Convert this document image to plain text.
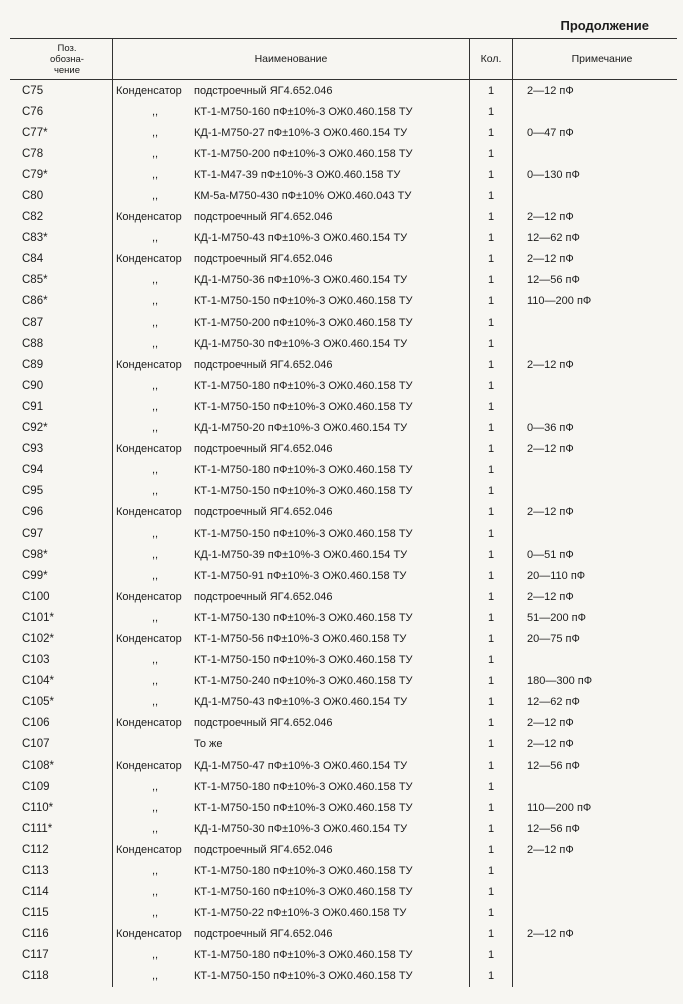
Продолжение
Поз.
обозна-
чение	Наименование	Кол.	Примечание
С75	Конденсатор подстроечный ЯГ4.652.046	1	2—12 пФ
С76	,, КТ-1-М750-160 пФ±10%-3 ОЖ0.460.158 ТУ	1	
С77*	,, КД-1-М750-27 пФ±10%-3 ОЖ0.460.154 ТУ	1	0—47 пФ
С78	,, КТ-1-М750-200 пФ±10%-3 ОЖ0.460.158 ТУ	1	
С79*	,, КТ-1-М47-39 пФ±10%-3 ОЖ0.460.158 ТУ	1	0—130 пФ
С80	,, КМ-5а-М750-430 пФ±10% ОЖ0.460.043 ТУ	1	
С82	Конденсатор подстроечный ЯГ4.652.046	1	2—12 пФ
С83*	,, КД-1-М750-43 пФ±10%-3 ОЖ0.460.154 ТУ	1	12—62 пФ
С84	Конденсатор подстроечный ЯГ4.652.046	1	2—12 пФ
С85*	,, КД-1-М750-36 пФ±10%-3 ОЖ0.460.154 ТУ	1	12—56 пФ
С86*	,, КТ-1-М750-150 пФ±10%-3 ОЖ0.460.158 ТУ	1	110—200 пФ
С87	,, КТ-1-М750-200 пФ±10%-3 ОЖ0.460.158 ТУ	1	
С88	,, КД-1-М750-30 пФ±10%-3 ОЖ0.460.154 ТУ	1	
С89	Конденсатор подстроечный ЯГ4.652.046	1	2—12 пФ
С90	,, КТ-1-М750-180 пФ±10%-3 ОЖ0.460.158 ТУ	1	
С91	,, КТ-1-М750-150 пФ±10%-3 ОЖ0.460.158 ТУ	1	
С92*	,, КД-1-М750-20 пФ±10%-3 ОЖ0.460.154 ТУ	1	0—36 пФ
С93	Конденсатор подстроечный ЯГ4.652.046	1	2—12 пФ
С94	,, КТ-1-М750-180 пФ±10%-3 ОЖ0.460.158 ТУ	1	
С95	,, КТ-1-М750-150 пФ±10%-3 ОЖ0.460.158 ТУ	1	
С96	Конденсатор подстроечный ЯГ4.652.046	1	2—12 пФ
С97	,, КТ-1-М750-150 пФ±10%-3 ОЖ0.460.158 ТУ	1	
С98*	,, КД-1-М750-39 пФ±10%-3 ОЖ0.460.154 ТУ	1	0—51 пФ
С99*	,, КТ-1-М750-91 пФ±10%-3 ОЖ0.460.158 ТУ	1	20—110 пФ
С100	Конденсатор подстроечный ЯГ4.652.046	1	2—12 пФ
С101*	,, КТ-1-М750-130 пФ±10%-3 ОЖ0.460.158 ТУ	1	51—200 пФ
С102*	Конденсатор КТ-1-М750-56 пФ±10%-3 ОЖ0.460.158 ТУ	1	20—75 пФ
С103	,, КТ-1-М750-150 пФ±10%-3 ОЖ0.460.158 ТУ	1	
С104*	,, КТ-1-М750-240 пФ±10%-3 ОЖ0.460.158 ТУ	1	180—300 пФ
С105*	,, КД-1-М750-43 пФ±10%-3 ОЖ0.460.154 ТУ	1	12—62 пФ
С106	Конденсатор подстроечный ЯГ4.652.046	1	2—12 пФ
С107	То же	1	2—12 пФ
С108*	Конденсатор КД-1-М750-47 пФ±10%-3 ОЖ0.460.154 ТУ	1	12—56 пФ
С109	,, КТ-1-М750-180 пФ±10%-3 ОЖ0.460.158 ТУ	1	
С110*	,, КТ-1-М750-150 пФ±10%-3 ОЖ0.460.158 ТУ	1	110—200 пФ
С111*	,, КД-1-М750-30 пФ±10%-3 ОЖ0.460.154 ТУ	1	12—56 пФ
С112	Конденсатор подстроечный ЯГ4.652.046	1	2—12 пФ
С113	,, КТ-1-М750-180 пФ±10%-3 ОЖ0.460.158 ТУ	1	
С114	,, КТ-1-М750-160 пФ±10%-3 ОЖ0.460.158 ТУ	1	
С115	,, КТ-1-М750-22 пФ±10%-3 ОЖ0.460.158 ТУ	1	
С116	Конденсатор подстроечный ЯГ4.652.046	1	2—12 пФ
С117	,, КТ-1-М750-180 пФ±10%-3 ОЖ0.460.158 ТУ	1	
С118	,, КТ-1-М750-150 пФ±10%-3 ОЖ0.460.158 ТУ	1	
